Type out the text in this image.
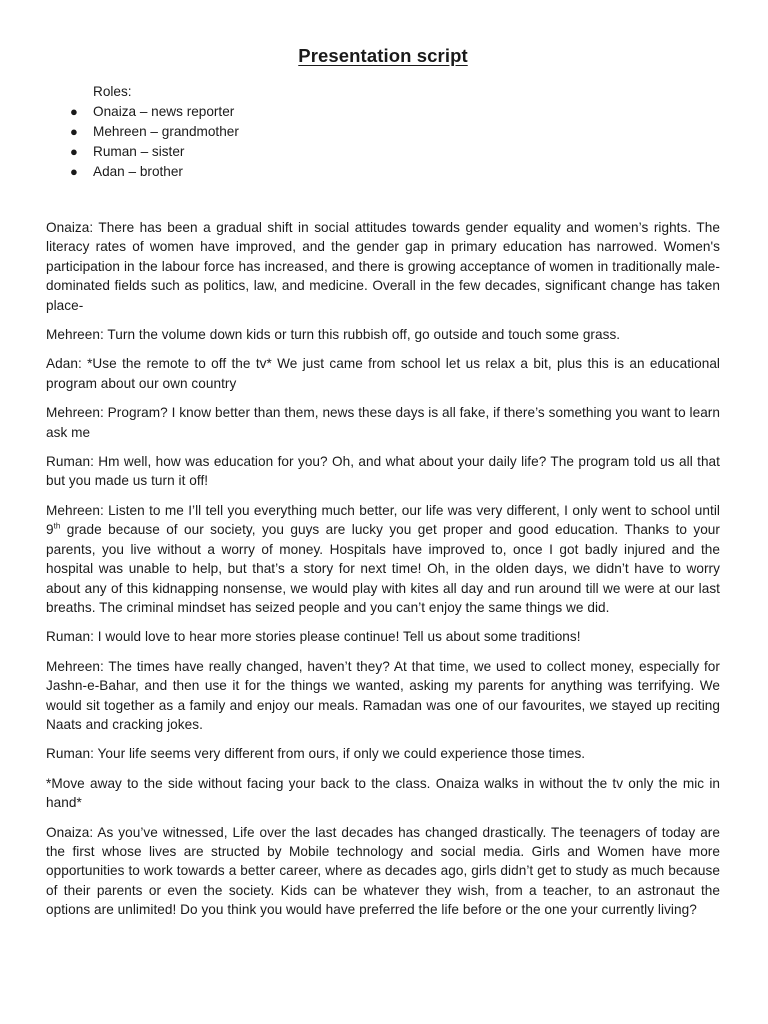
Presentation script
Roles:
● Onaiza – news reporter
● Mehreen – grandmother
● Ruman – sister
● Adan – brother

Onaiza: There has been a gradual shift in social attitudes towards gender equality and women’s rights. The literacy rates of women have improved, and the gender gap in primary education has narrowed. Women's participation in the labour force has increased, and there is growing acceptance of women in traditionally male-dominated fields such as politics, law, and medicine. Overall in the few decades, significant change has taken place-

Mehreen: Turn the volume down kids or turn this rubbish off, go outside and touch some grass.

Adan: *Use the remote to off the tv* We just came from school let us relax a bit, plus this is an educational program about our own country

Mehreen: Program? I know better than them, news these days is all fake, if there’s something you want to learn ask me

Ruman: Hm well, how was education for you? Oh, and what about your daily life? The program told us all that but you made us turn it off!

Mehreen: Listen to me I’ll tell you everything much better, our life was very different, I only went to school until 9th grade because of our society, you guys are lucky you get proper and good education. Thanks to your parents, you live without a worry of money. Hospitals have improved to, once I got badly injured and the hospital was unable to help, but that’s a story for next time! Oh, in the olden days, we didn’t have to worry about any of this kidnapping nonsense, we would play with kites all day and run around till we were at our last breaths. The criminal mindset has seized people and you can’t enjoy the same things we did.

Ruman: I would love to hear more stories please continue! Tell us about some traditions!

Mehreen: The times have really changed, haven’t they? At that time, we used to collect money, especially for Jashn-e-Bahar, and then use it for the things we wanted, asking my parents for anything was terrifying. We would sit together as a family and enjoy our meals. Ramadan was one of our favourites, we stayed up reciting Naats and cracking jokes.

Ruman: Your life seems very different from ours, if only we could experience those times.

*Move away to the side without facing your back to the class. Onaiza walks in without the tv only the mic in hand*

Onaiza: As you’ve witnessed, Life over the last decades has changed drastically. The teenagers of today are the first whose lives are structed by Mobile technology and social media. Girls and Women have more opportunities to work towards a better career, where as decades ago, girls didn’t get to study as much because of their parents or even the society. Kids can be whatever they wish, from a teacher, to an astronaut the options are unlimited! Do you think you would have preferred the life before or the one your currently living?
